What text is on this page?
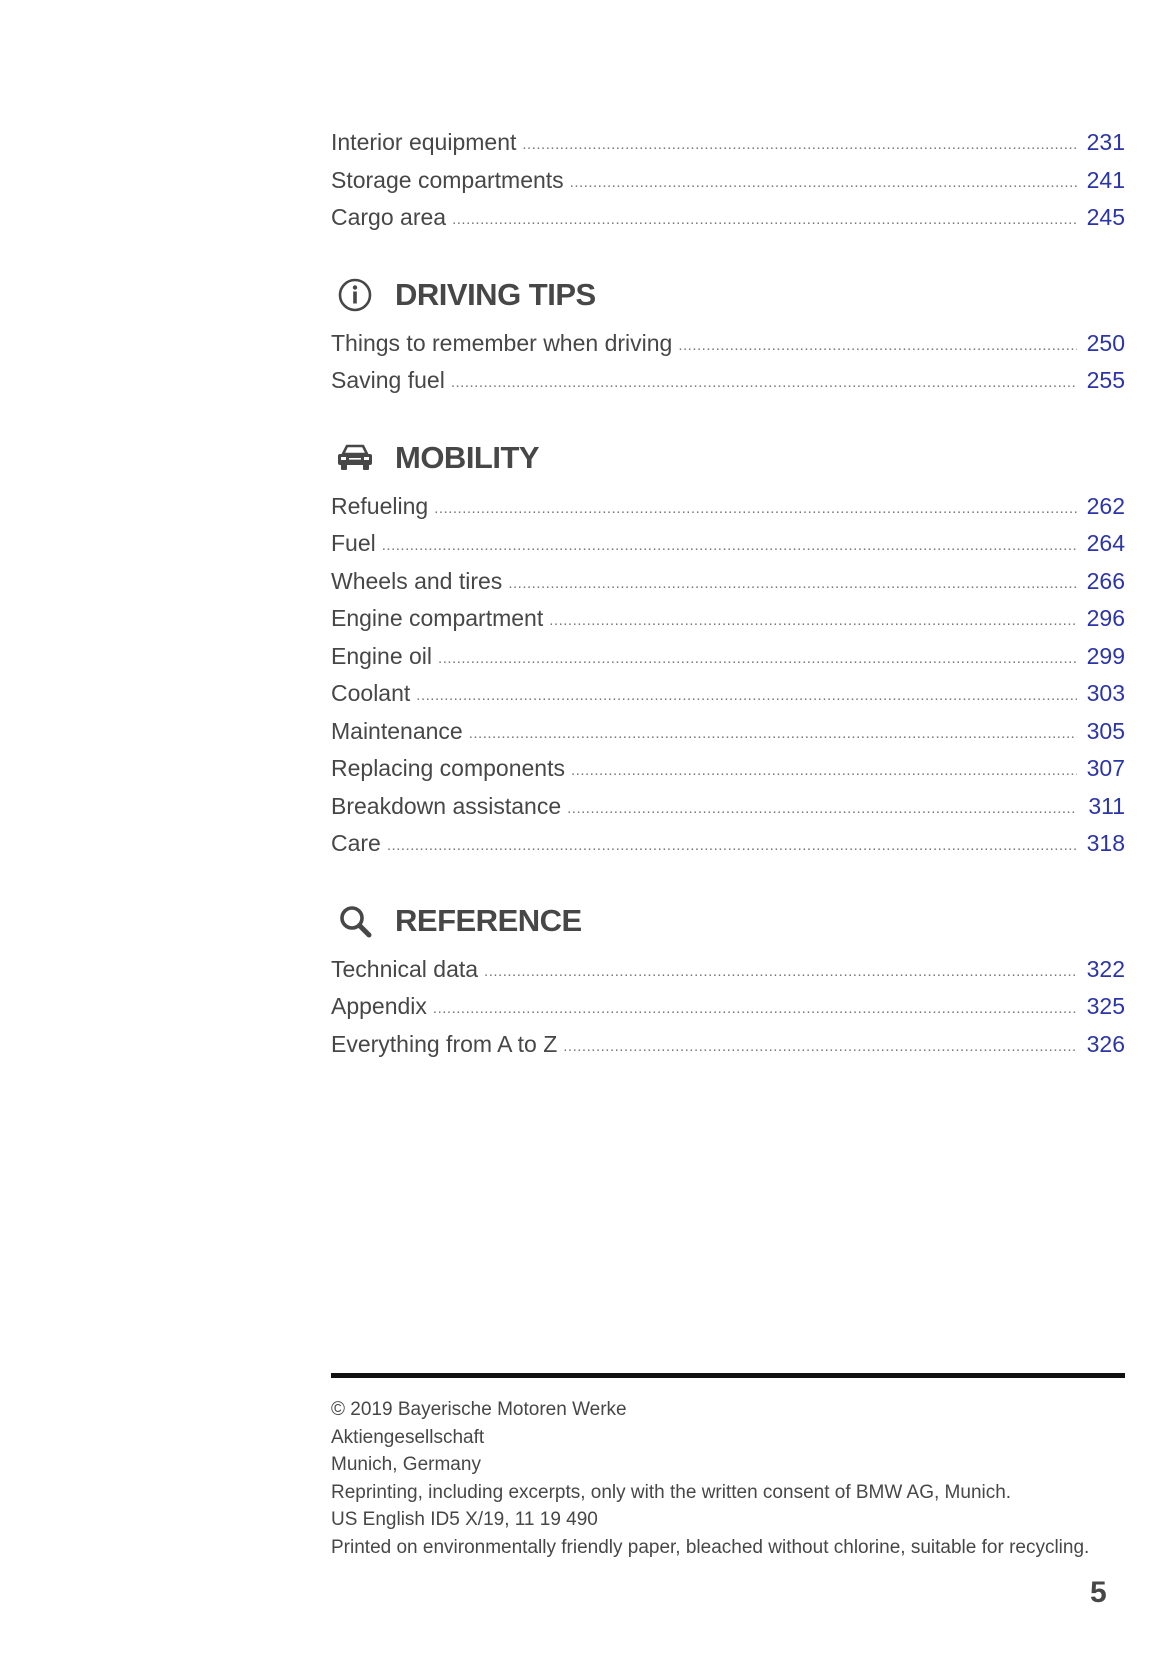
Interior equipment .....	231
Storage compartments .....	241
Cargo area .....	245
DRIVING TIPS
Things to remember when driving .....	250
Saving fuel .....	255
MOBILITY
Refueling .....	262
Fuel .....	264
Wheels and tires .....	266
Engine compartment .....	296
Engine oil .....	299
Coolant .....	303
Maintenance .....	305
Replacing components .....	307
Breakdown assistance .....	311
Care .....	318
REFERENCE
Technical data .....	322
Appendix .....	325
Everything from A to Z .....	326
© 2019 Bayerische Motoren Werke
Aktiengesellschaft
Munich, Germany
Reprinting, including excerpts, only with the written consent of BMW AG, Munich.
US English ID5 X/19, 11 19 490
Printed on environmentally friendly paper, bleached without chlorine, suitable for recycling.
5
